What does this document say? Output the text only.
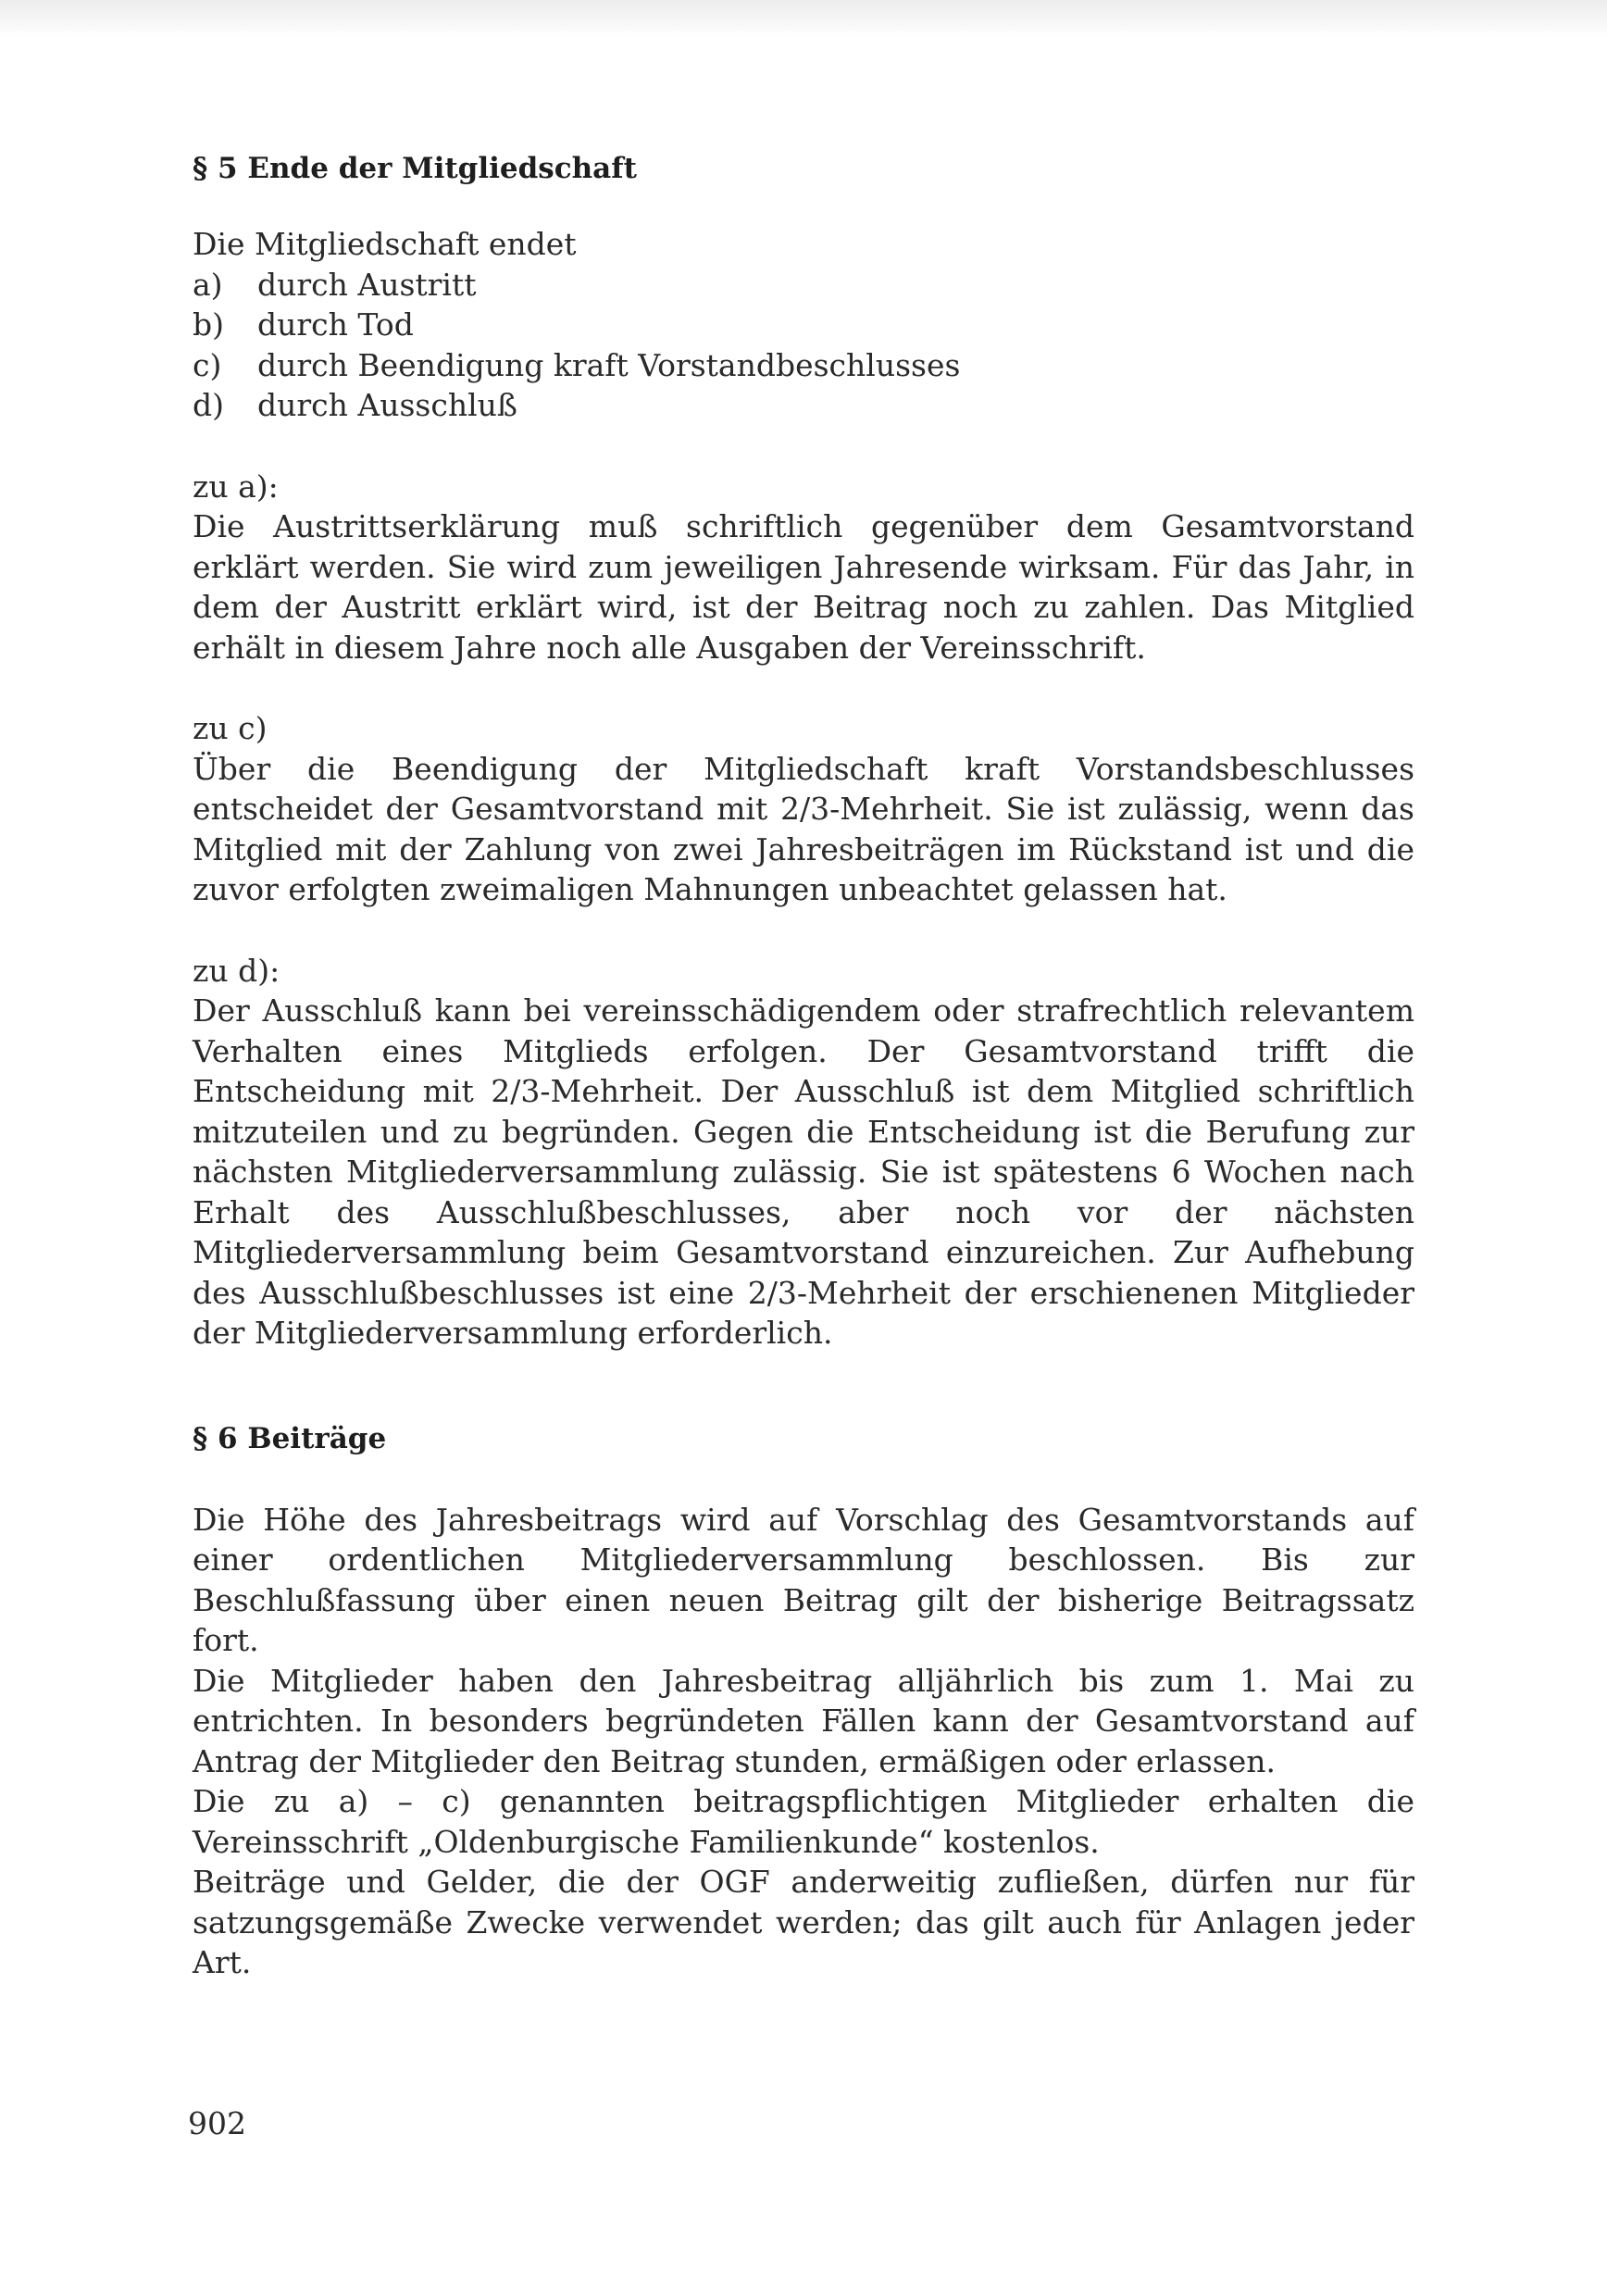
§ 5 Ende der Mitgliedschaft

Die Mitgliedschaft endet

a)	durch Austritt
b)	durch Tod
c)	durch Beendigung kraft Vorstandbeschlusses
d)	durch Ausschluß

zu a):

Die Austrittserklärung muß schriftlich gegenüber dem Gesamtvorstand erklärt werden. Sie wird zum jeweiligen Jahresende wirksam. Für das Jahr, in dem der Austritt erklärt wird, ist der Beitrag noch zu zahlen. Das Mitglied erhält in diesem Jahre noch alle Ausgaben der Vereinsschrift.

zu c)

Über die Beendigung der Mitgliedschaft kraft Vorstandsbeschlusses entscheidet der Gesamtvorstand mit 2/3-Mehrheit. Sie ist zulässig, wenn das Mitglied mit der Zahlung von zwei Jahresbeiträgen im Rückstand ist und die zuvor erfolgten zweimaligen Mahnungen unbeachtet gelassen hat.

zu d):

Der Ausschluß kann bei vereinsschädigendem oder strafrechtlich relevantem Verhalten eines Mitglieds erfolgen. Der Gesamtvorstand trifft die Entscheidung mit 2/3-Mehrheit. Der Ausschluß ist dem Mitglied schriftlich mitzuteilen und zu begründen. Gegen die Entscheidung ist die Berufung zur nächsten Mitgliederversammlung zulässig. Sie ist spätestens 6 Wochen nach Erhalt des Ausschlußbeschlusses, aber noch vor der nächsten Mitgliederversammlung beim Gesamtvorstand einzureichen. Zur Aufhebung des Ausschlußbeschlusses ist eine 2/3-Mehrheit der erschienenen Mitglieder der Mitgliederversammlung erforderlich.

§ 6 Beiträge

Die Höhe des Jahresbeitrags wird auf Vorschlag des Gesamtvorstands auf einer ordentlichen Mitgliederversammlung beschlossen. Bis zur Beschlußfassung über einen neuen Beitrag gilt der bisherige Beitragssatz fort.

Die Mitglieder haben den Jahresbeitrag alljährlich bis zum 1. Mai zu entrichten. In besonders begründeten Fällen kann der Gesamtvorstand auf Antrag der Mitglieder den Beitrag stunden, ermäßigen oder erlassen.

Die zu a) – c) genannten beitragspflichtigen Mitglieder erhalten die Vereinsschrift „Oldenburgische Familienkunde“ kostenlos.

Beiträge und Gelder, die der OGF anderweitig zufließen, dürfen nur für satzungsgemäße Zwecke verwendet werden; das gilt auch für Anlagen jeder Art.

902
